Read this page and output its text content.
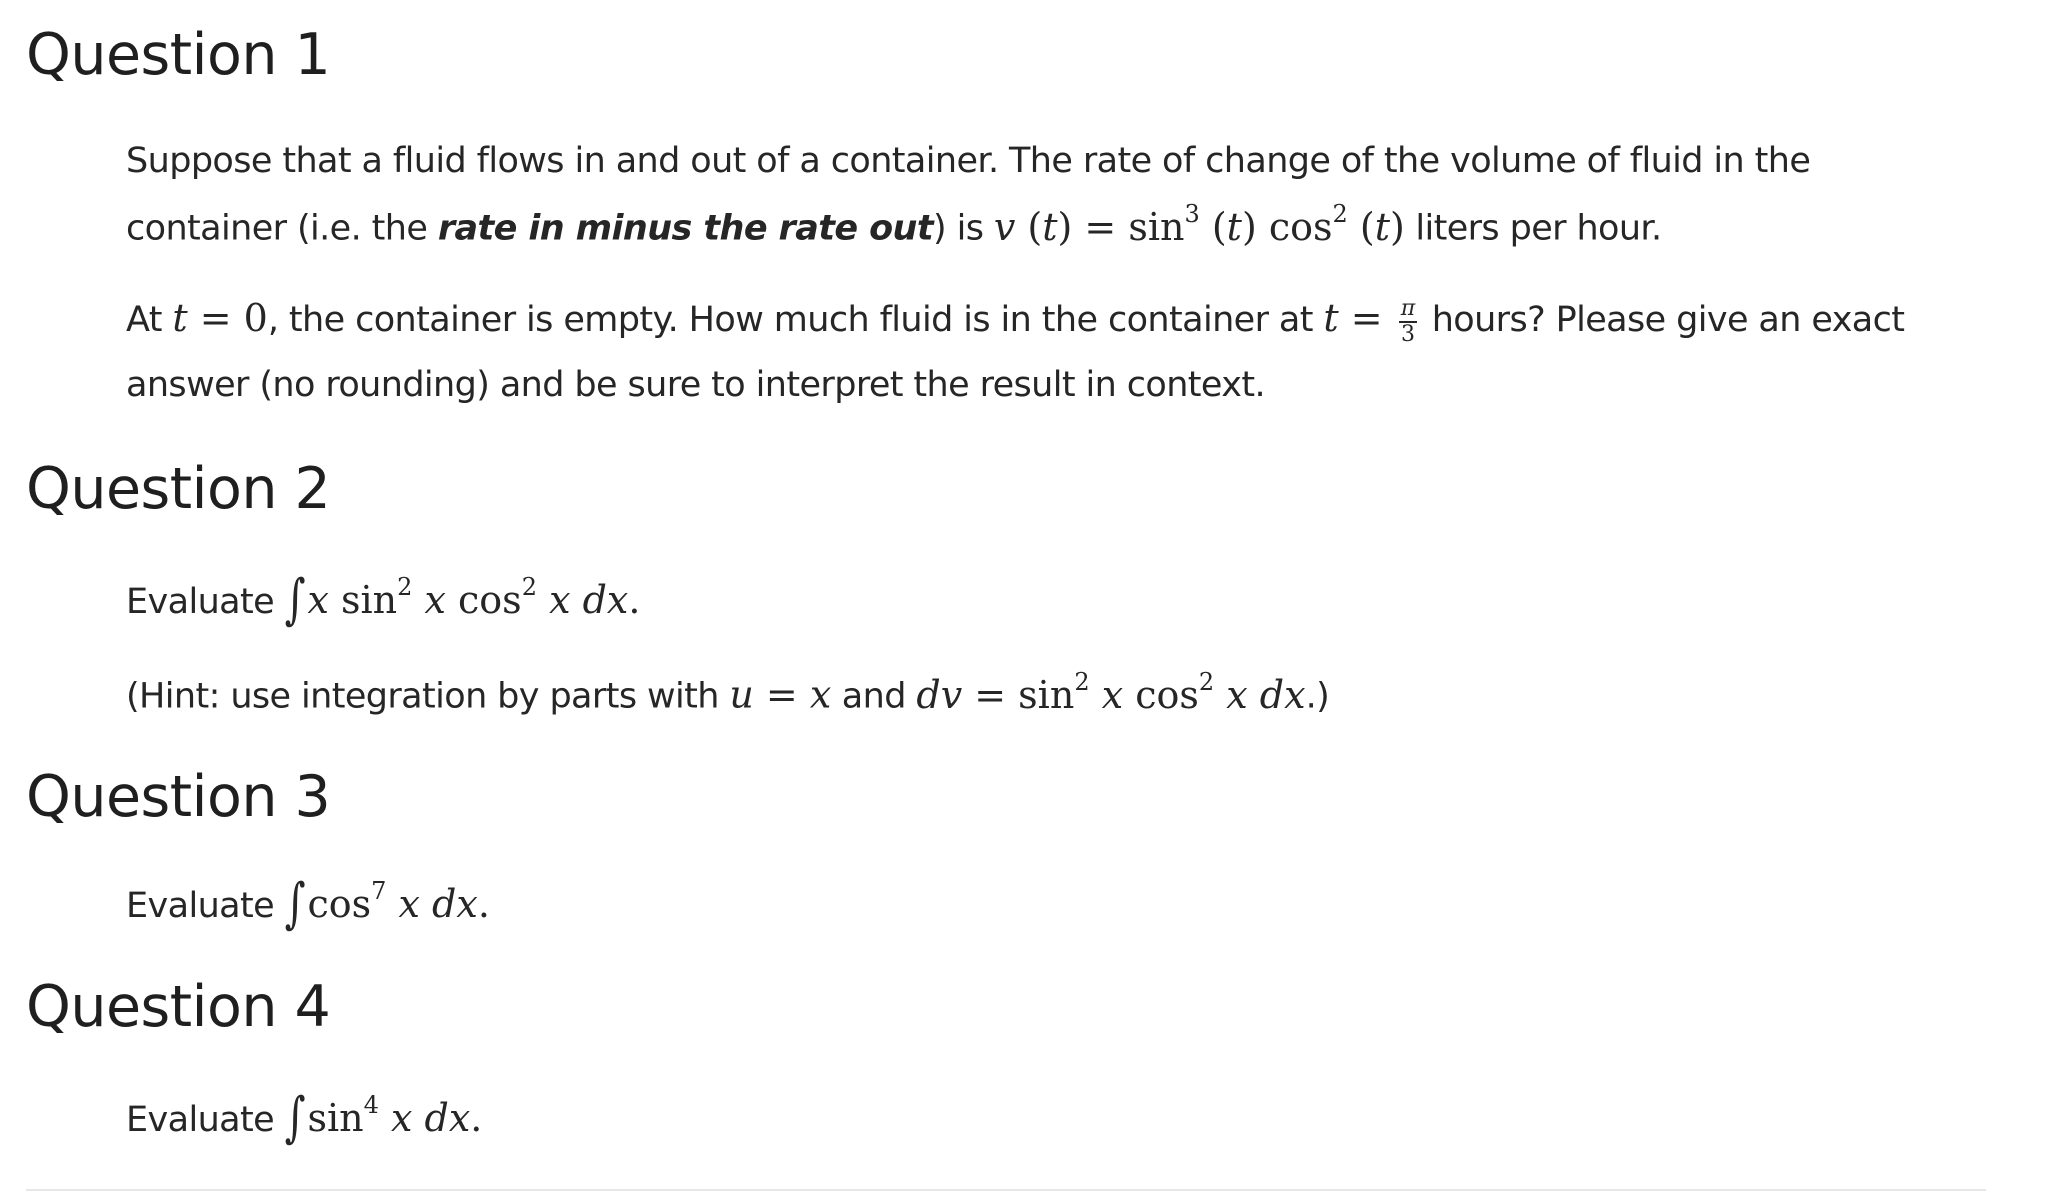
Question 1

Suppose that a fluid flows in and out of a container. The rate of change of the volume of fluid in the

container (i.e. the rate in minus the rate out) is v $(t) = \sin^3 (t)$ $\cos^2 (t)$ liters per hour.

At t = 0, the container is empty. How much fluid is in the container at $t = \frac{\pi}{3}$ hours? Please give an exact

answer (no rounding) and be sure to interpret the result in context.

Question 2

Evaluate ∫x $\sin^2 x$ $\cos^2 x$ dx.

(Hint: use integration by parts with u = x and dv = $\sin^2 x$ $\cos^2 x$ dx.)

Question 3

Evaluate $\int\cos^7$ x dx.

Question 4

Evaluate $\int\sin^4$ x dx.
